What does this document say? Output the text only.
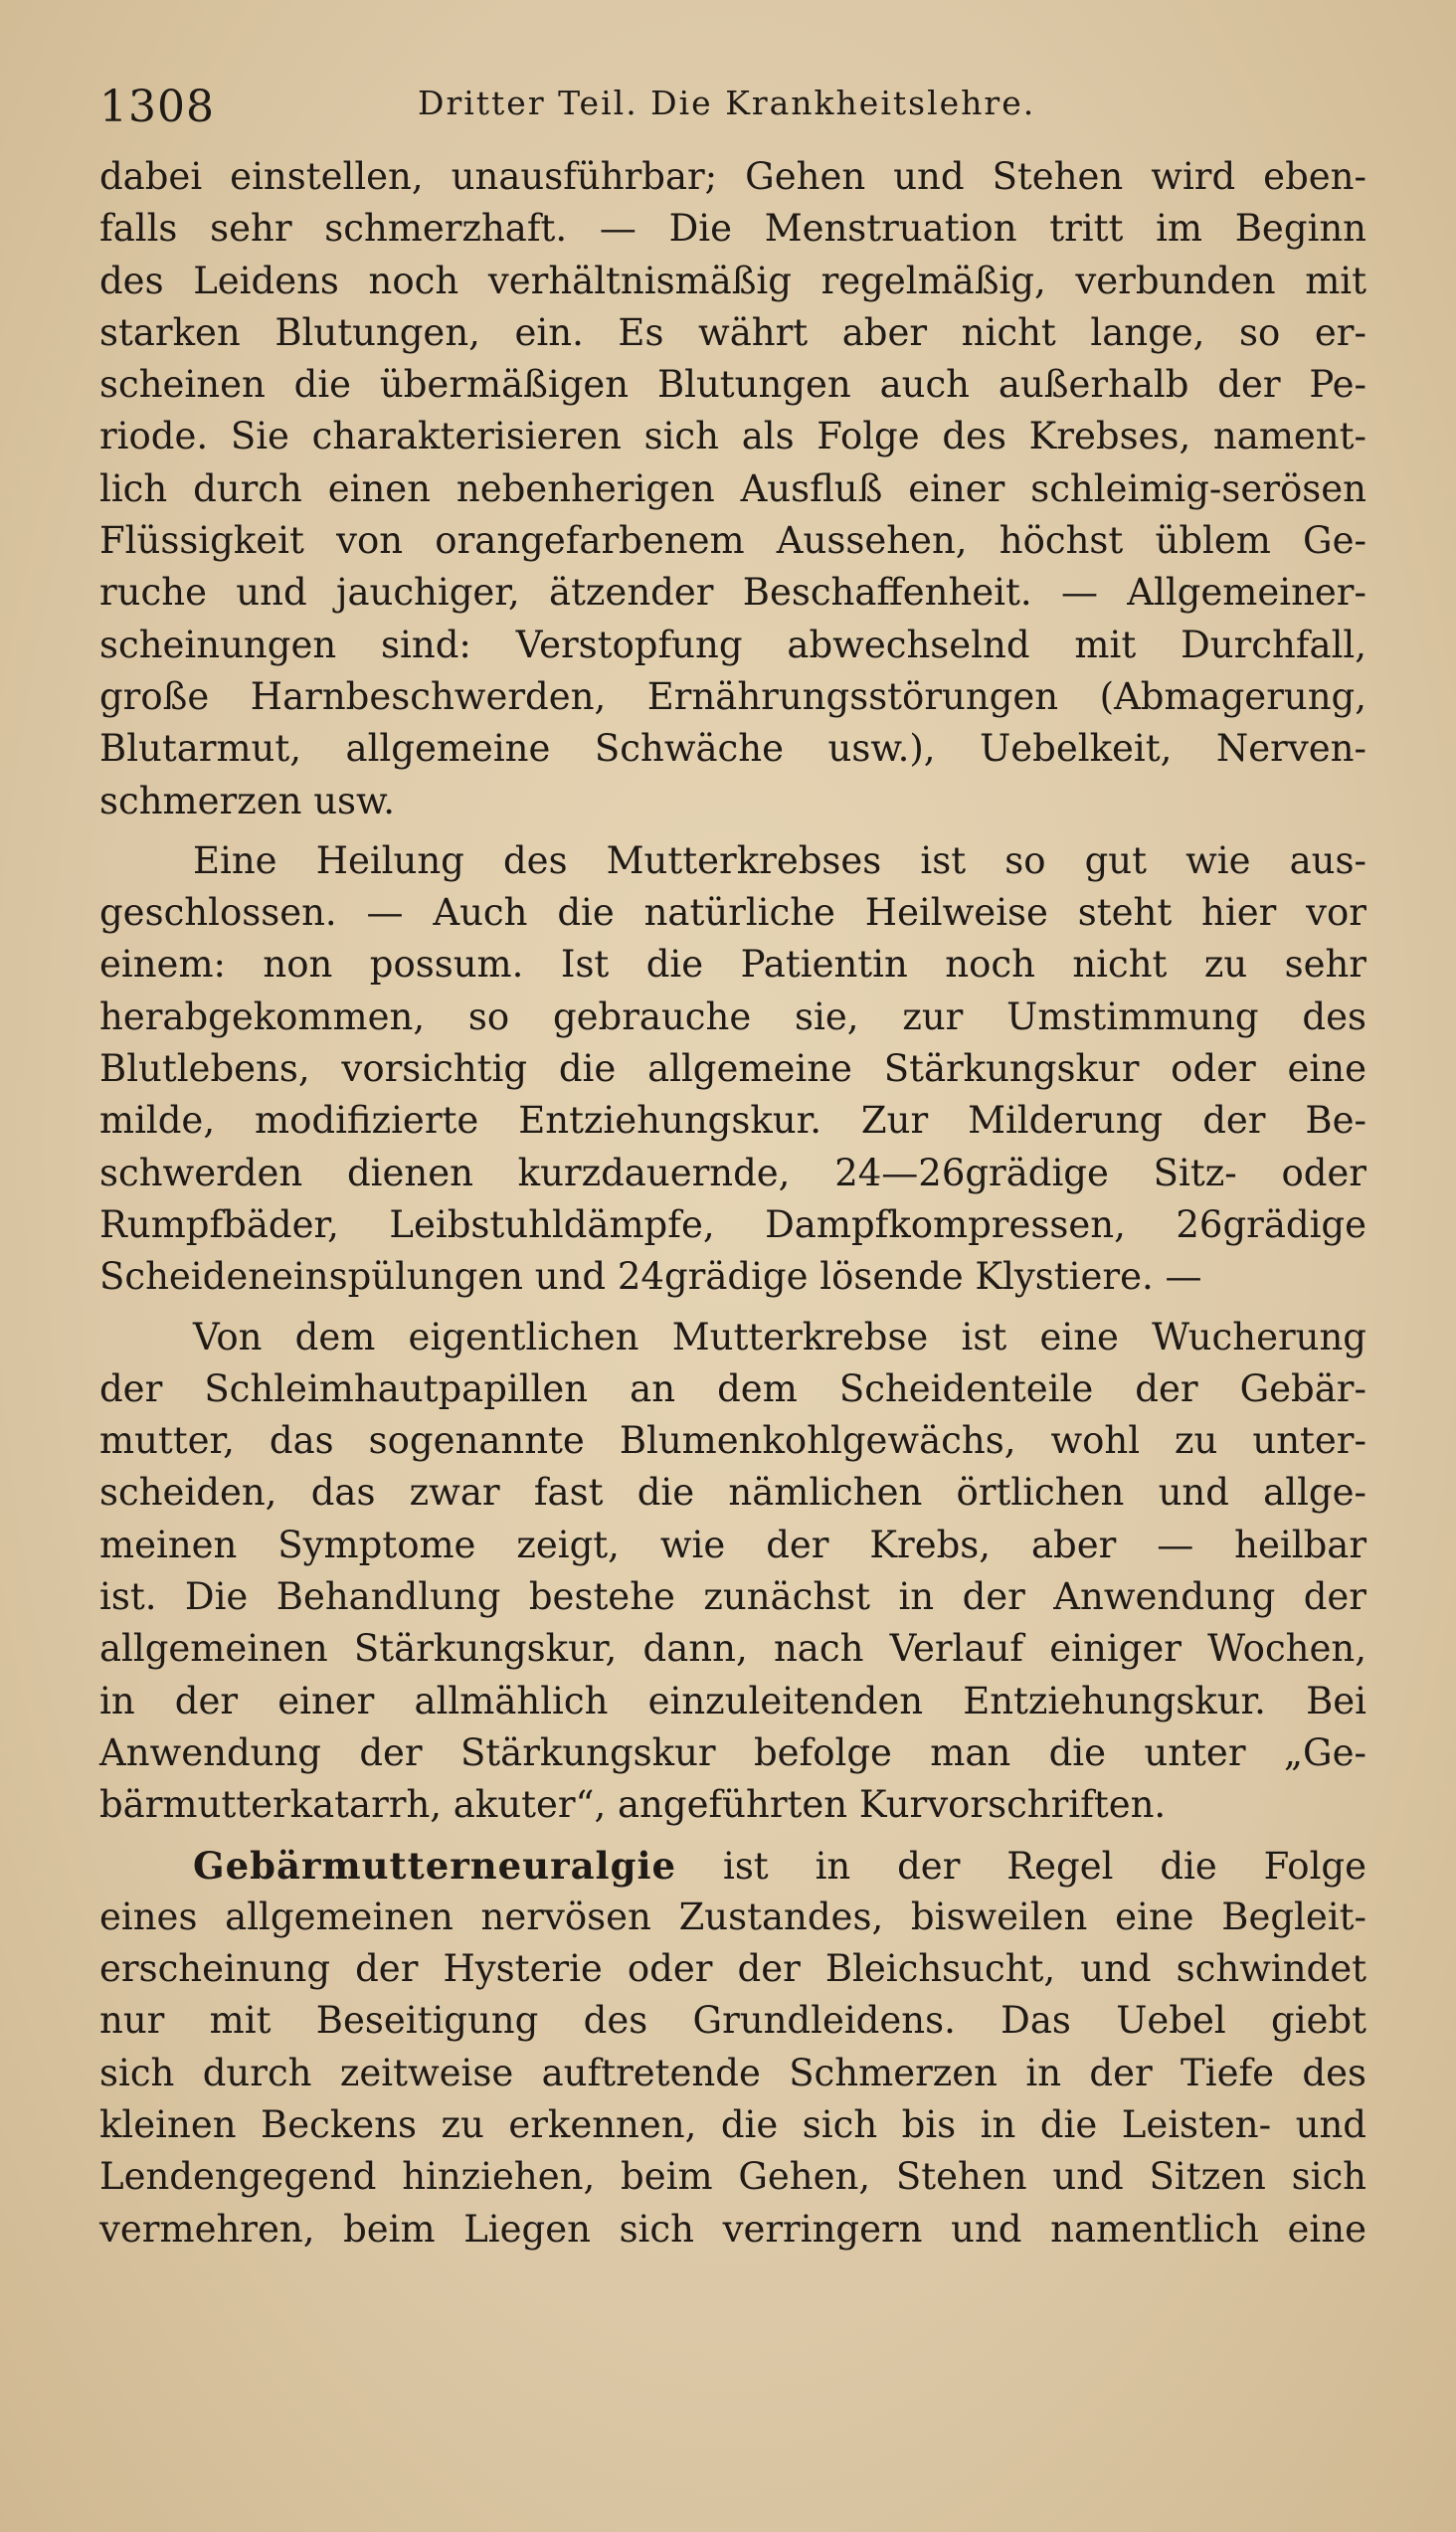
1308	Dritter Teil. Die Krankheitslehre.
dabei einstellen, unausführbar; Gehen und Stehen wird eben-
falls sehr schmerzhaft. — Die Menstruation tritt im Beginn
des Leidens noch verhältnismäßig regelmäßig, verbunden mit
starken Blutungen, ein. Es währt aber nicht lange, so er-
scheinen die übermäßigen Blutungen auch außerhalb der Pe-
riode. Sie charakterisieren sich als Folge des Krebses, nament-
lich durch einen nebenherigen Ausfluß einer schleimig-serösen
Flüssigkeit von orangefarbenem Aussehen, höchst üblem Ge-
ruche und jauchiger, ätzender Beschaffenheit. — Allgemeiner-
scheinungen sind: Verstopfung abwechselnd mit Durchfall,
große Harnbeschwerden, Ernährungsstörungen (Abmagerung,
Blutarmut, allgemeine Schwäche usw.), Uebelkeit, Nerven-
schmerzen usw.
Eine Heilung des Mutterkrebses ist so gut wie aus-
geschlossen. — Auch die natürliche Heilweise steht hier vor
einem: non possum. Ist die Patientin noch nicht zu sehr
herabgekommen, so gebrauche sie, zur Umstimmung des
Blutlebens, vorsichtig die allgemeine Stärkungskur oder eine
milde, modifizierte Entziehungskur. Zur Milderung der Be-
schwerden dienen kurzdauernde, 24—26grädige Sitz- oder
Rumpfbäder, Leibstuhldämpfe, Dampfkompressen, 26grädige
Scheideneinspülungen und 24grädige lösende Klystiere. —
Von dem eigentlichen Mutterkrebse ist eine Wucherung
der Schleimhautpapillen an dem Scheidenteile der Gebär-
mutter, das sogenannte Blumenkohlgewächs, wohl zu unter-
scheiden, das zwar fast die nämlichen örtlichen und allge-
meinen Symptome zeigt, wie der Krebs, aber — heilbar
ist. Die Behandlung bestehe zunächst in der Anwendung der
allgemeinen Stärkungskur, dann, nach Verlauf einiger Wochen,
in der einer allmählich einzuleitenden Entziehungskur. Bei
Anwendung der Stärkungskur befolge man die unter „Ge-
bärmutterkatarrh, akuter“, angeführten Kurvorschriften.
Gebärmutterneuralgie ist in der Regel die Folge
eines allgemeinen nervösen Zustandes, bisweilen eine Begleit-
erscheinung der Hysterie oder der Bleichsucht, und schwindet
nur mit Beseitigung des Grundleidens. Das Uebel giebt
sich durch zeitweise auftretende Schmerzen in der Tiefe des
kleinen Beckens zu erkennen, die sich bis in die Leisten- und
Lendengegend hinziehen, beim Gehen, Stehen und Sitzen sich
vermehren, beim Liegen sich verringern und namentlich eine
